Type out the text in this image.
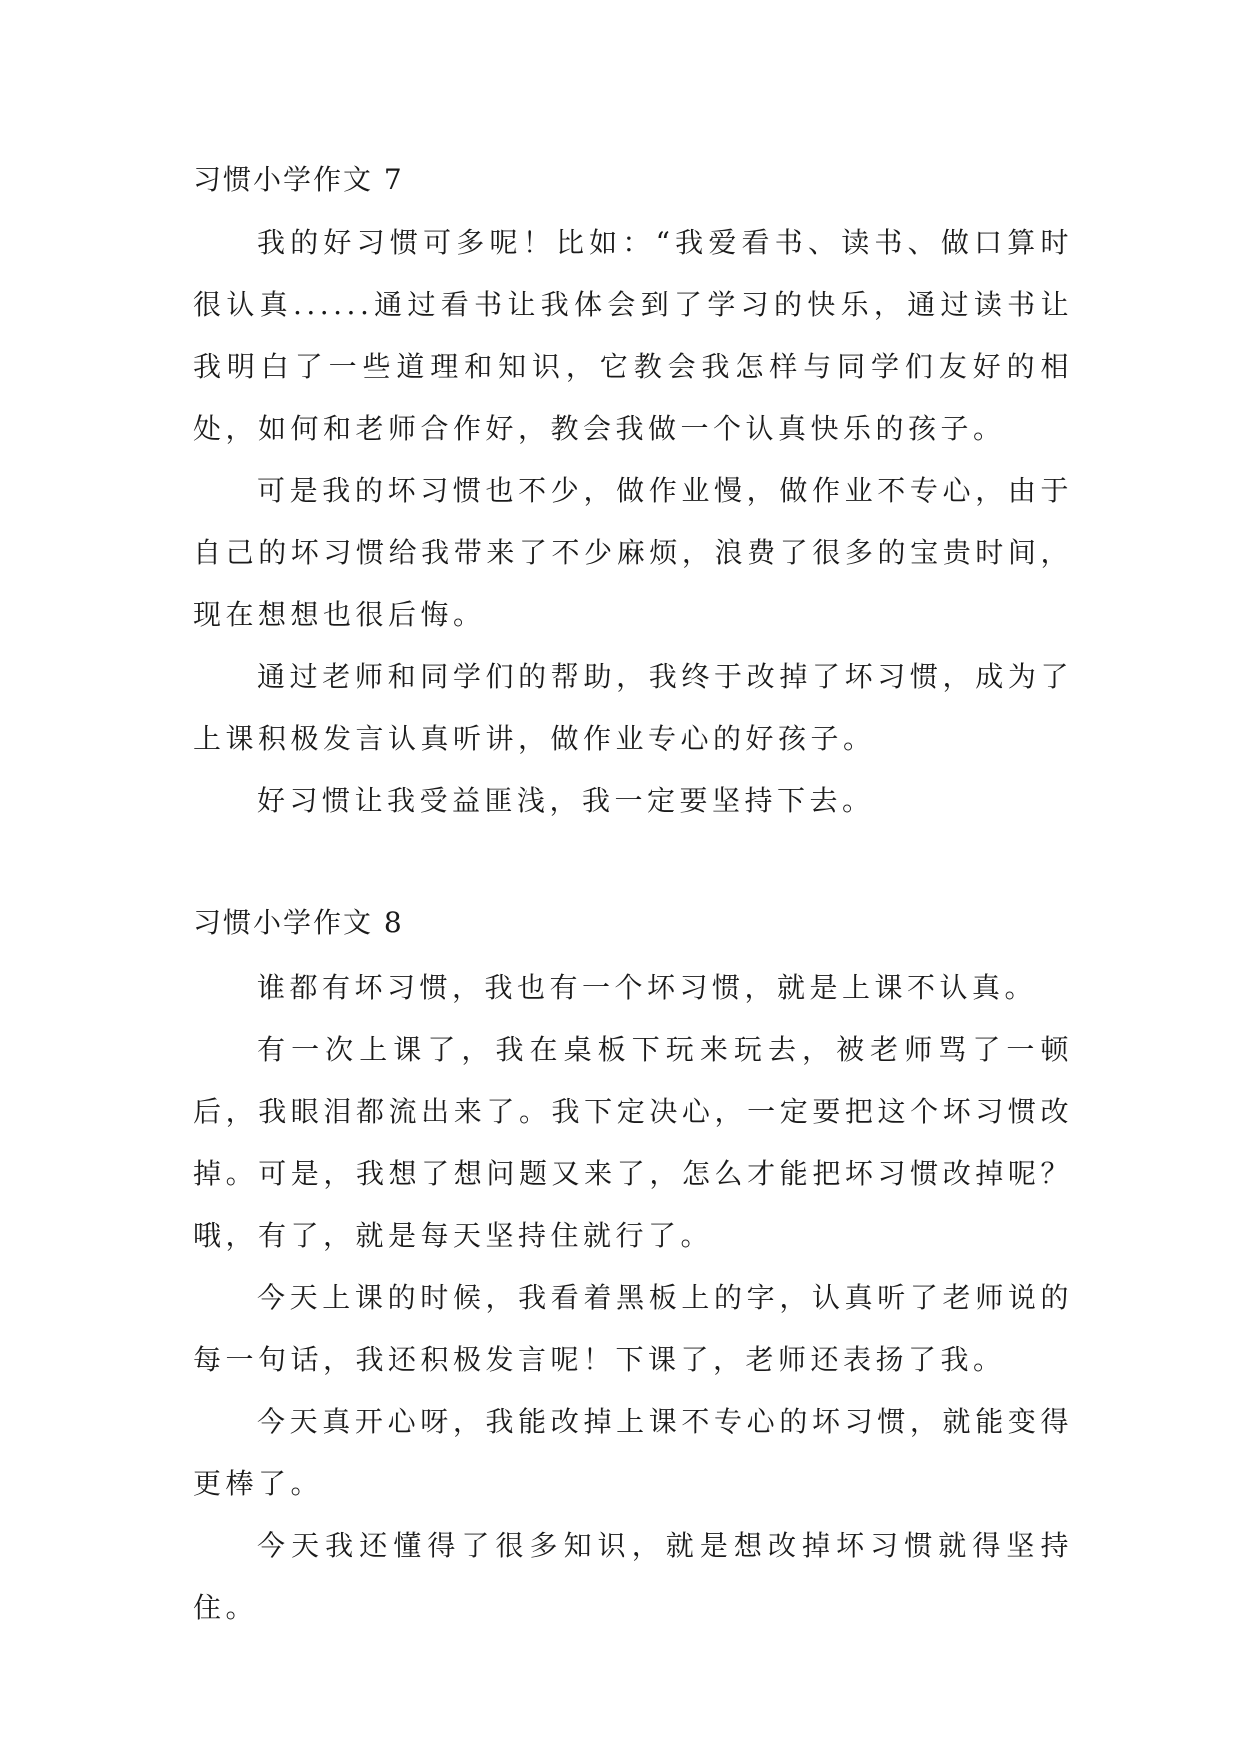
习惯小学作文 7

我的好习惯可多呢！比如：“我爱看书、读书、做口算时很认真......通过看书让我体会到了学习的快乐，通过读书让我明白了一些道理和知识，它教会我怎样与同学们友好的相处，如何和老师合作好，教会我做一个认真快乐的孩子。

可是我的坏习惯也不少，做作业慢，做作业不专心，由于自己的坏习惯给我带来了不少麻烦，浪费了很多的宝贵时间，现在想想也很后悔。

通过老师和同学们的帮助，我终于改掉了坏习惯，成为了上课积极发言认真听讲，做作业专心的好孩子。

好习惯让我受益匪浅，我一定要坚持下去。

习惯小学作文 8

谁都有坏习惯，我也有一个坏习惯，就是上课不认真。

有一次上课了，我在桌板下玩来玩去，被老师骂了一顿后，我眼泪都流出来了。我下定决心，一定要把这个坏习惯改掉。可是，我想了想问题又来了，怎么才能把坏习惯改掉呢？哦，有了，就是每天坚持住就行了。

今天上课的时候，我看着黑板上的字，认真听了老师说的每一句话，我还积极发言呢！下课了，老师还表扬了我。

今天真开心呀，我能改掉上课不专心的坏习惯，就能变得更棒了。

今天我还懂得了很多知识，就是想改掉坏习惯就得坚持住。
